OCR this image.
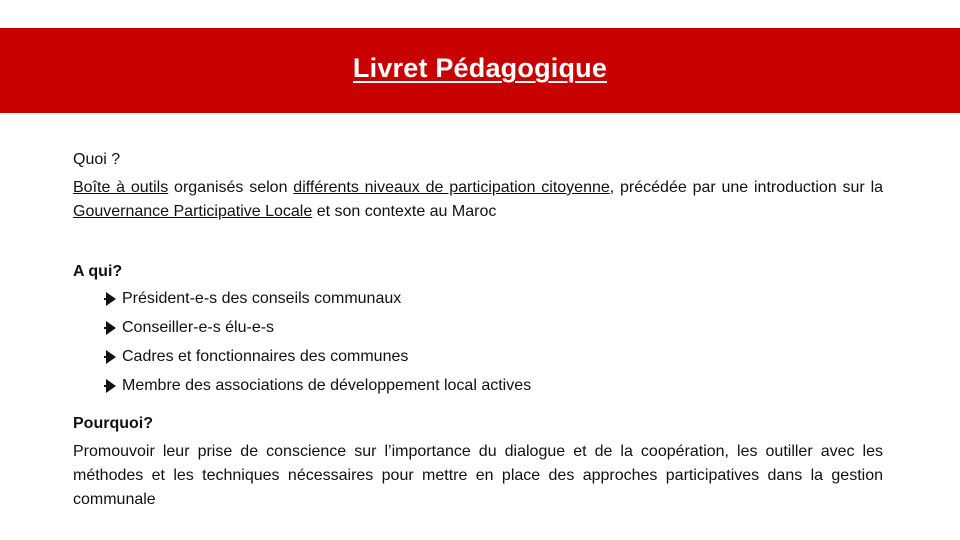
Livret Pédagogique

Quoi ?

Boîte à outils organisés selon différents niveaux de participation citoyenne, précédée par une introduction sur la Gouvernance Participative Locale et son contexte au Maroc

A qui?

Président-e-s des conseils communaux
Conseiller-e-s élu-e-s
Cadres et fonctionnaires des communes
Membre des associations de développement local actives

Pourquoi?

Promouvoir leur prise de conscience sur l’importance du dialogue et de la coopération, les outiller avec les méthodes et les techniques nécessaires pour mettre en place des approches participatives dans la gestion communale
